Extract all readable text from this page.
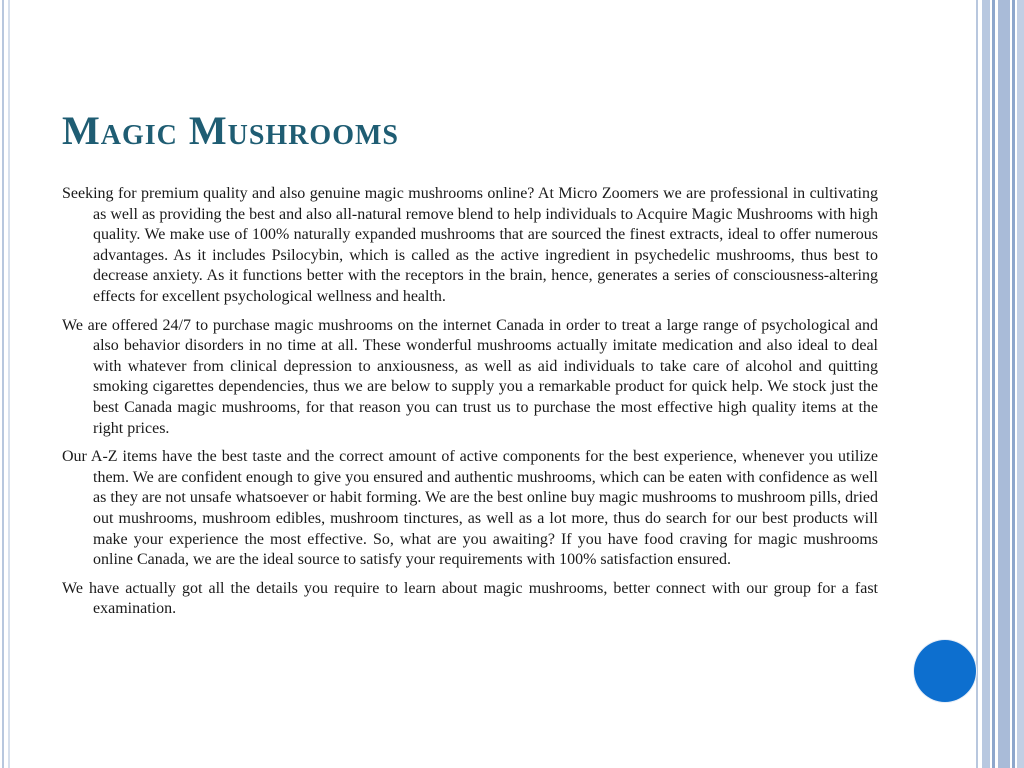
Magic Mushrooms

Seeking for premium quality and also genuine magic mushrooms online? At Micro Zoomers we are professional in cultivating as well as providing the best and also all-natural remove blend to help individuals to Acquire Magic Mushrooms with high quality. We make use of 100% naturally expanded mushrooms that are sourced the finest extracts, ideal to offer numerous advantages. As it includes Psilocybin, which is called as the active ingredient in psychedelic mushrooms, thus best to decrease anxiety. As it functions better with the receptors in the brain, hence, generates a series of consciousness-altering effects for excellent psychological wellness and health.

We are offered 24/7 to purchase magic mushrooms on the internet Canada in order to treat a large range of psychological and also behavior disorders in no time at all. These wonderful mushrooms actually imitate medication and also ideal to deal with whatever from clinical depression to anxiousness, as well as aid individuals to take care of alcohol and quitting smoking cigarettes dependencies, thus we are below to supply you a remarkable product for quick help. We stock just the best Canada magic mushrooms, for that reason you can trust us to purchase the most effective high quality items at the right prices.

Our A-Z items have the best taste and the correct amount of active components for the best experience, whenever you utilize them. We are confident enough to give you ensured and authentic mushrooms, which can be eaten with confidence as well as they are not unsafe whatsoever or habit forming. We are the best online buy magic mushrooms to mushroom pills, dried out mushrooms, mushroom edibles, mushroom tinctures, as well as a lot more, thus do search for our best products will make your experience the most effective. So, what are you awaiting? If you have food craving for magic mushrooms online Canada, we are the ideal source to satisfy your requirements with 100% satisfaction ensured.

We have actually got all the details you require to learn about magic mushrooms, better connect with our group for a fast examination.
